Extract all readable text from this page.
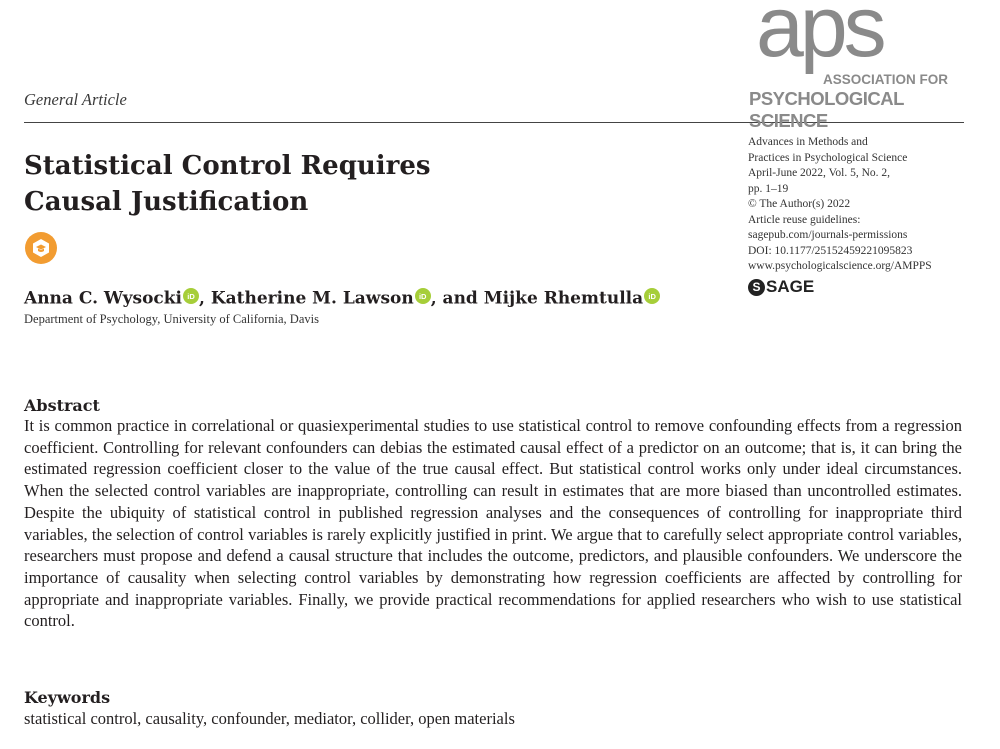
General Article
aps
ASSOCIATION FOR
PSYCHOLOGICAL SCIENCE
Statistical Control Requires
Causal Justification
Advances in Methods and
Practices in Psychological Science
April-June 2022, Vol. 5, No. 2,
pp. 1–19
© The Author(s) 2022
Article reuse guidelines:
sagepub.com/journals-permissions
DOI: 10.1177/25152459221095823
www.psychologicalscience.org/AMPPS
S SAGE
Anna C. Wysocki iD , Katherine M. Lawson iD , and Mijke Rhemtulla iD
Department of Psychology, University of California, Davis
Abstract
It is common practice in correlational or quasiexperimental studies to use statistical control to remove confounding effects from a regression coefficient. Controlling for relevant confounders can debias the estimated causal effect of a predictor on an outcome; that is, it can bring the estimated regression coefficient closer to the value of the true causal effect. But statistical control works only under ideal circumstances. When the selected control variables are inappropriate, controlling can result in estimates that are more biased than uncontrolled estimates. Despite the ubiquity of statistical control in published regression analyses and the consequences of controlling for inappropriate third variables, the selection of control variables is rarely explicitly justified in print. We argue that to carefully select appropriate control variables, researchers must propose and defend a causal structure that includes the outcome, predictors, and plausible confounders. We underscore the importance of causality when selecting control variables by demonstrating how regression coefficients are affected by controlling for appropriate and inappropriate variables. Finally, we provide practical recommendations for applied researchers who wish to use statistical control.
Keywords
statistical control, causality, confounder, mediator, collider, open materials
